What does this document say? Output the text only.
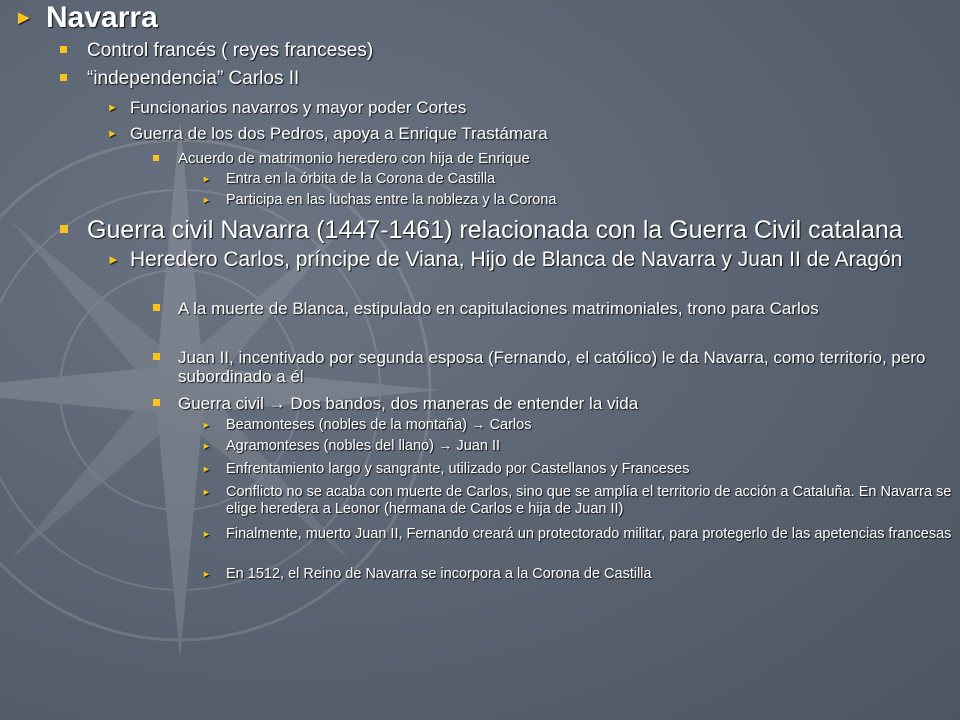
► Navarra
Control francés ( reyes franceses)
“independencia” Carlos II
► Funcionarios navarros y mayor poder Cortes
► Guerra de los dos Pedros, apoya a Enrique Trastámara
Acuerdo de matrimonio heredero con hija de Enrique
► Entra en la órbita de la Corona de Castilla
► Participa en las luchas entre la nobleza y la Corona
Guerra civil Navarra (1447-1461) relacionada con la Guerra Civil catalana
► Heredero Carlos, príncipe de Viana, Hijo de Blanca de Navarra y Juan II de Aragón
A la muerte de Blanca, estipulado en capitulaciones matrimoniales, trono para Carlos
Juan II, incentivado por segunda esposa (Fernando, el católico) le da Navarra, como territorio, pero subordinado a él
Guerra civil → Dos bandos, dos maneras de entender la vida
► Beamonteses (nobles de la montaña) → Carlos
► Agramonteses (nobles del llano) → Juan II
► Enfrentamiento largo y sangrante, utilizado por Castellanos y Franceses
► Conflicto no se acaba con muerte de Carlos, sino que se amplía el territorio de acción a Cataluña. En Navarra se elige heredera a Leonor (hermana de Carlos e hija de Juan II)
► Finalmente, muerto Juan II, Fernando creará un protectorado militar, para protegerlo de las apetencias francesas
► En 1512, el Reino de Navarra se incorpora a la Corona de Castilla
